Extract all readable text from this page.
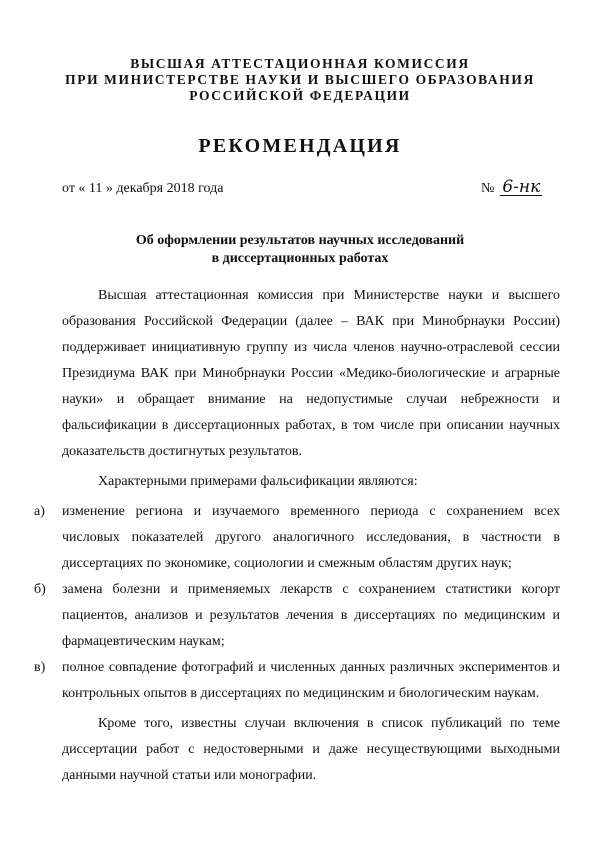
ВЫСШАЯ АТТЕСТАЦИОННАЯ КОМИССИЯ
ПРИ МИНИСТЕРСТВЕ НАУКИ И ВЫСШЕГО ОБРАЗОВАНИЯ
РОССИЙСКОЙ ФЕДЕРАЦИИ
РЕКОМЕНДАЦИЯ
от « 11 » декабря 2018 года	№ 6-нк
Об оформлении результатов научных исследований
в диссертационных работах

Высшая аттестационная комиссия при Министерстве науки и высшего образования Российской Федерации (далее – ВАК при Минобрнауки России) поддерживает инициативную группу из числа членов научно-отраслевой сессии Президиума ВАК при Минобрнауки России «Медико-биологические и аграрные науки» и обращает внимание на недопустимые случаи небрежности и фальсификации в диссертационных работах, в том числе при описании научных доказательств достигнутых результатов.

Характерными примерами фальсификации являются:

а) изменение региона и изучаемого временного периода с сохранением всех числовых показателей другого аналогичного исследования, в частности в диссертациях по экономике, социологии и смежным областям других наук;

б) замена болезни и применяемых лекарств с сохранением статистики когорт пациентов, анализов и результатов лечения в диссертациях по медицинским и фармацевтическим наукам;

в) полное совпадение фотографий и численных данных различных экспериментов и контрольных опытов в диссертациях по медицинским и биологическим наукам.

Кроме того, известны случаи включения в список публикаций по теме диссертации работ с недостоверными и даже несуществующими выходными данными научной статьи или монографии.
